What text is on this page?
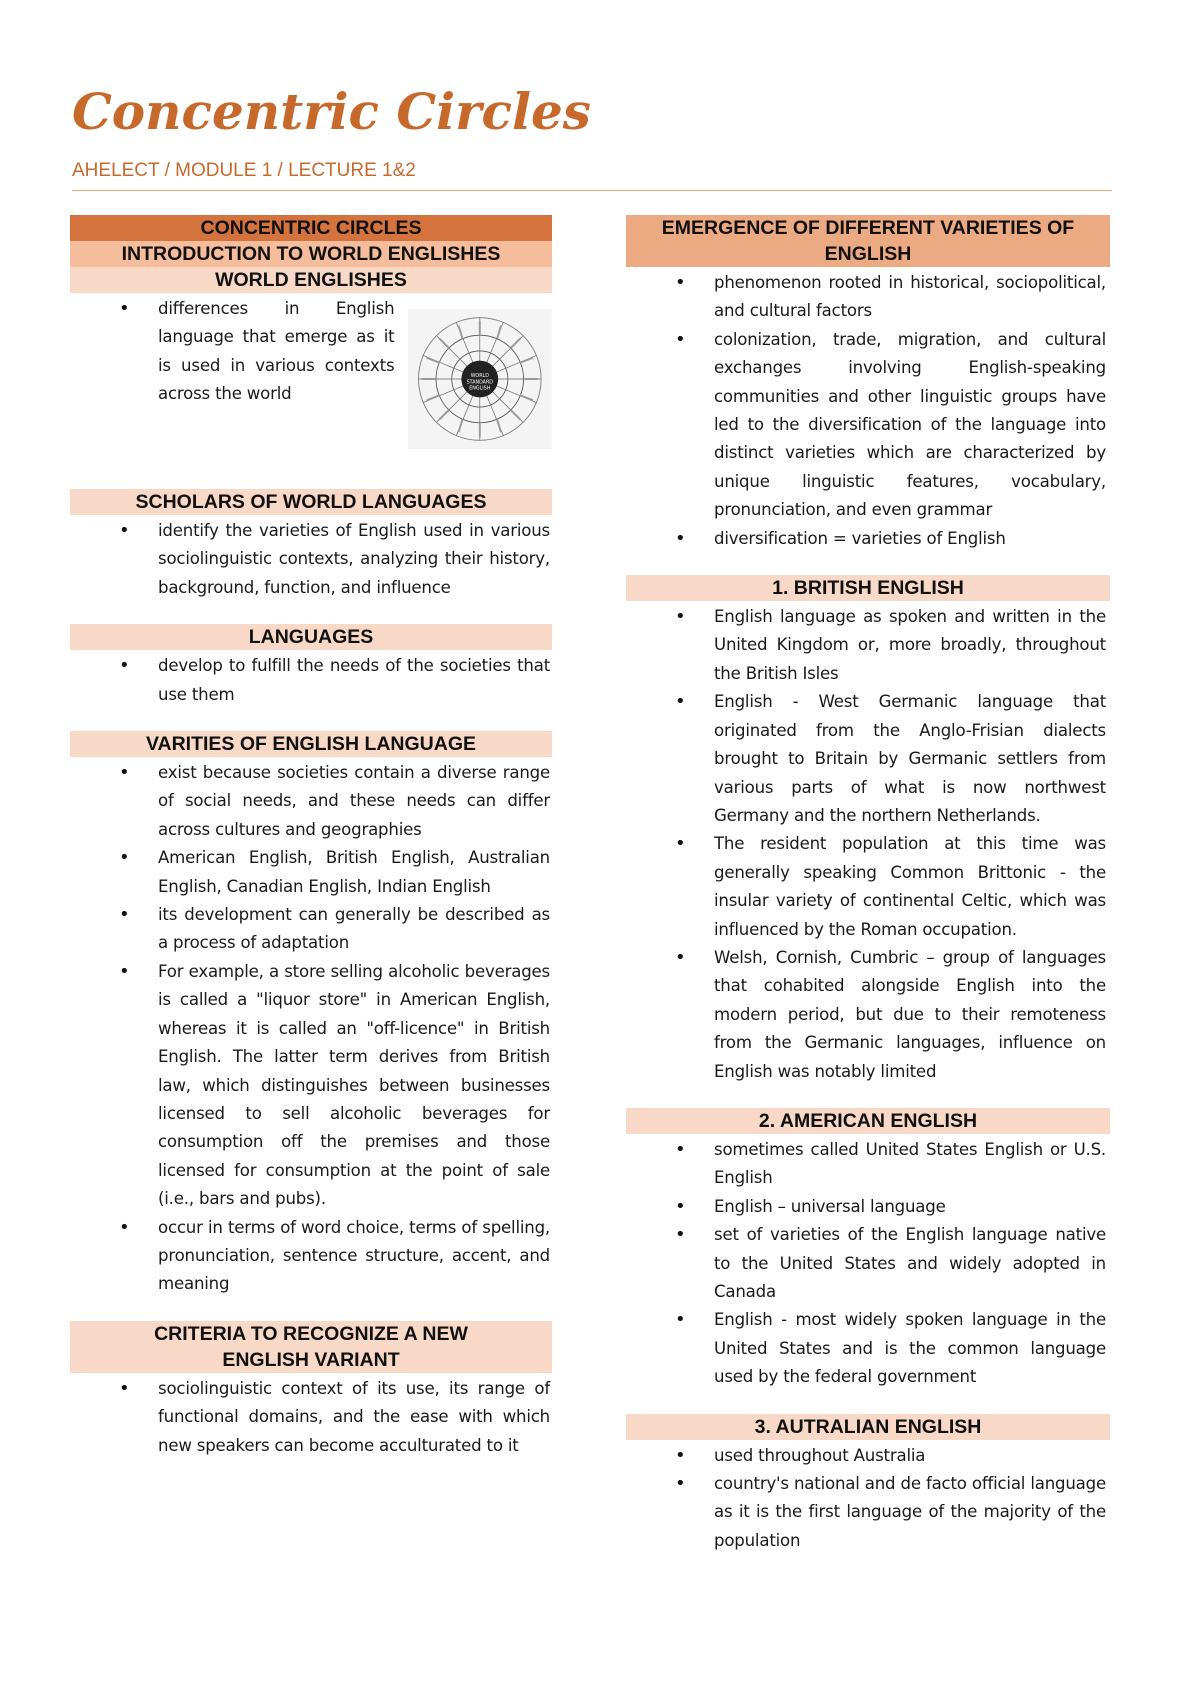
Concentric Circles

AHELECT / MODULE 1 / LECTURE 1&2

CONCENTRIC CIRCLES
INTRODUCTION TO WORLD ENGLISHES
WORLD ENGLISHES
• differences in English language that emerge as it is used in various contexts across the world
WORLD
STANDARD
ENGLISH
SCHOLARS OF WORLD LANGUAGES
• identify the varieties of English used in various sociolinguistic contexts, analyzing their history, background, function, and influence
LANGUAGES
• develop to fulfill the needs of the societies that use them
VARITIES OF ENGLISH LANGUAGE
• exist because societies contain a diverse range of social needs, and these needs can differ across cultures and geographies
• American English, British English, Australian English, Canadian English, Indian English
• its development can generally be described as a process of adaptation
• For example, a store selling alcoholic beverages is called a "liquor store" in American English, whereas it is called an "off-licence" in British English. The latter term derives from British law, which distinguishes between businesses licensed to sell alcoholic beverages for consumption off the premises and those licensed for consumption at the point of sale (i.e., bars and pubs).
• occur in terms of word choice, terms of spelling, pronunciation, sentence structure, accent, and meaning
CRITERIA TO RECOGNIZE A NEW ENGLISH VARIANT
• sociolinguistic context of its use, its range of functional domains, and the ease with which new speakers can become acculturated to it
EMERGENCE OF DIFFERENT VARIETIES OF ENGLISH
• phenomenon rooted in historical, sociopolitical, and cultural factors
• colonization, trade, migration, and cultural exchanges involving English-speaking communities and other linguistic groups have led to the diversification of the language into distinct varieties which are characterized by unique linguistic features, vocabulary, pronunciation, and even grammar
• diversification = varieties of English
1. BRITISH ENGLISH
• English language as spoken and written in the United Kingdom or, more broadly, throughout the British Isles
• English - West Germanic language that originated from the Anglo-Frisian dialects brought to Britain by Germanic settlers from various parts of what is now northwest Germany and the northern Netherlands.
• The resident population at this time was generally speaking Common Brittonic - the insular variety of continental Celtic, which was influenced by the Roman occupation.
• Welsh, Cornish, Cumbric – group of languages that cohabited alongside English into the modern period, but due to their remoteness from the Germanic languages, influence on English was notably limited
2. AMERICAN ENGLISH
• sometimes called United States English or U.S. English
• English – universal language
• set of varieties of the English language native to the United States and widely adopted in Canada
• English - most widely spoken language in the United States and is the common language used by the federal government
3. AUTRALIAN ENGLISH
• used throughout Australia
• country's national and de facto official language as it is the first language of the majority of the population
